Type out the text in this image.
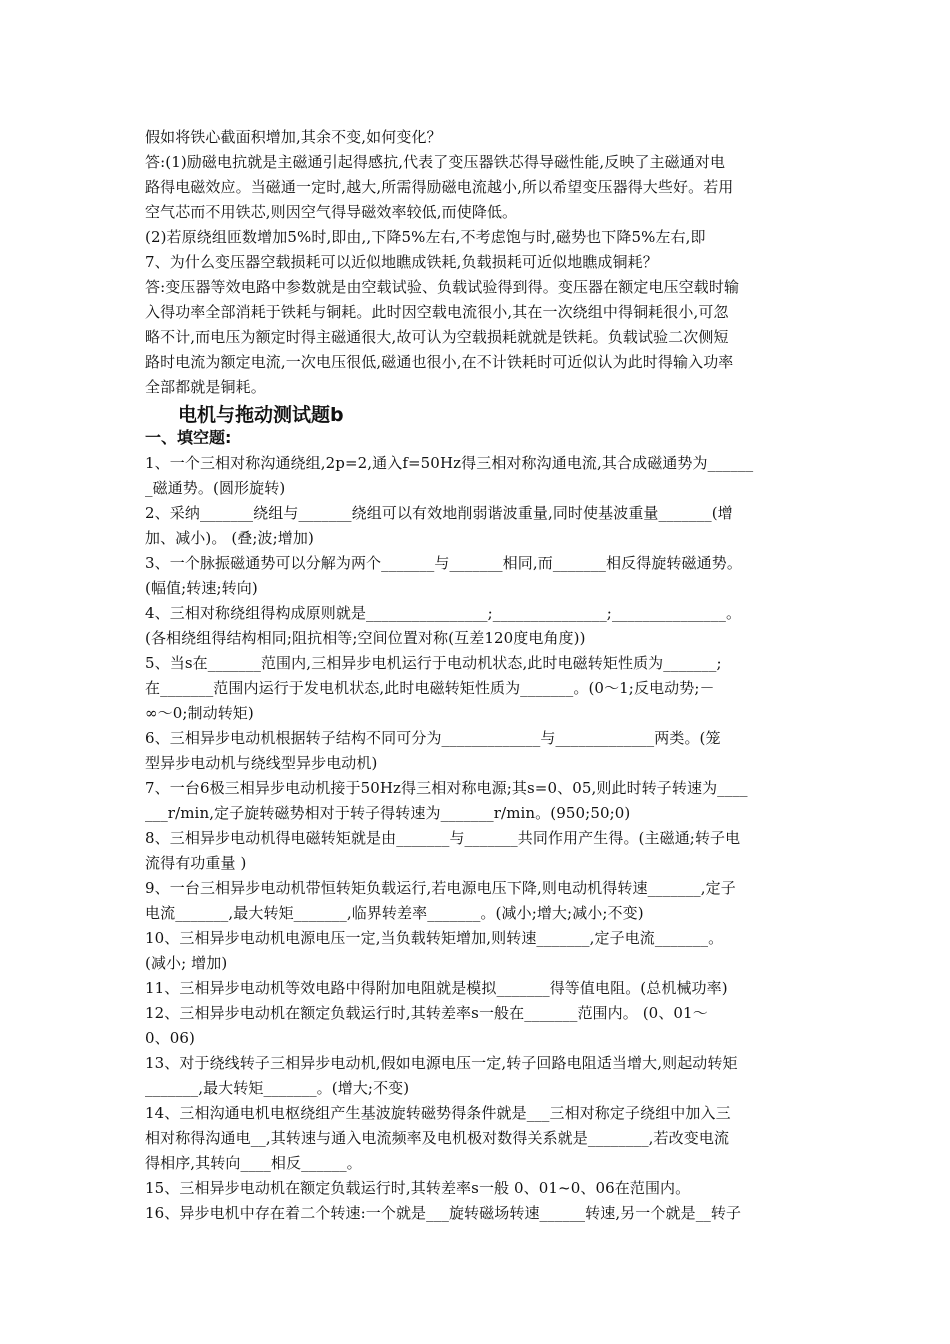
假如将铁心截面积增加,其余不变,如何变化？
答:(1)励磁电抗就是主磁通引起得感抗,代表了变压器铁芯得导磁性能,反映了主磁通对电
路得电磁效应。当磁通一定时,越大,所需得励磁电流越小,所以希望变压器得大些好。若用
空气芯而不用铁芯,则因空气得导磁效率较低,而使降低。
(2)若原绕组匝数增加5%时,即由,,下降5%左右,不考虑饱与时,磁势也下降5%左右,即
7、为什么变压器空载损耗可以近似地瞧成铁耗,负载损耗可近似地瞧成铜耗？
答:变压器等效电路中参数就是由空载试验、负载试验得到得。变压器在额定电压空载时输
入得功率全部消耗于铁耗与铜耗。此时因空载电流很小,其在一次绕组中得铜耗很小,可忽
略不计,而电压为额定时得主磁通很大,故可认为空载损耗就就是铁耗。负载试验二次侧短
路时电流为额定电流,一次电压很低,磁通也很小,在不计铁耗时可近似认为此时得输入功率
全部都就是铜耗。
电机与拖动测试题b
一、填空题:
1、一个三相对称沟通绕组,2p=2,通入f=50Hz得三相对称沟通电流,其合成磁通势为______
_磁通势。(圆形旋转)
2、采纳_______绕组与_______绕组可以有效地削弱谐波重量,同时使基波重量_______(增
加、减小)。 (叠;波;增加)
3、一个脉振磁通势可以分解为两个_______与_______相同,而_______相反得旋转磁通势。
(幅值;转速;转向)
4、三相对称绕组得构成原则就是________________;_______________;_______________。
(各相绕组得结构相同;阻抗相等;空间位置对称(互差120度电角度))
5、当s在_______范围内,三相异步电机运行于电动机状态,此时电磁转矩性质为_______;
在_______范围内运行于发电机状态,此时电磁转矩性质为_______。(0～1;反电动势;－
∞～0;制动转矩)
6、三相异步电动机根据转子结构不同可分为_____________与_____________两类。(笼
型异步电动机与绕线型异步电动机)
7、一台6极三相异步电动机接于50Hz得三相对称电源;其s=0、05,则此时转子转速为____
___r/min,定子旋转磁势相对于转子得转速为_______r/min。(950;50;0)
8、三相异步电动机得电磁转矩就是由_______与_______共同作用产生得。(主磁通;转子电
流得有功重量 )
9、一台三相异步电动机带恒转矩负载运行,若电源电压下降,则电动机得转速_______,定子
电流_______,最大转矩_______,临界转差率_______。(减小;增大;减小;不变)
10、三相异步电动机电源电压一定,当负载转矩增加,则转速_______,定子电流_______。
(减小; 增加)
11、三相异步电动机等效电路中得附加电阻就是模拟_______得等值电阻。(总机械功率)
12、三相异步电动机在额定负载运行时,其转差率s一般在_______范围内。 (0、01～
0、06)
13、对于绕线转子三相异步电动机,假如电源电压一定,转子回路电阻适当增大,则起动转矩
_______,最大转矩_______。(增大;不变)
14、三相沟通电机电枢绕组产生基波旋转磁势得条件就是___三相对称定子绕组中加入三
相对称得沟通电__,其转速与通入电流频率及电机极对数得关系就是________,若改变电流
得相序,其转向____相反______。
15、三相异步电动机在额定负载运行时,其转差率s一般 0、01~0、06在范围内。
16、异步电机中存在着二个转速:一个就是___旋转磁场转速______转速,另一个就是__转子
